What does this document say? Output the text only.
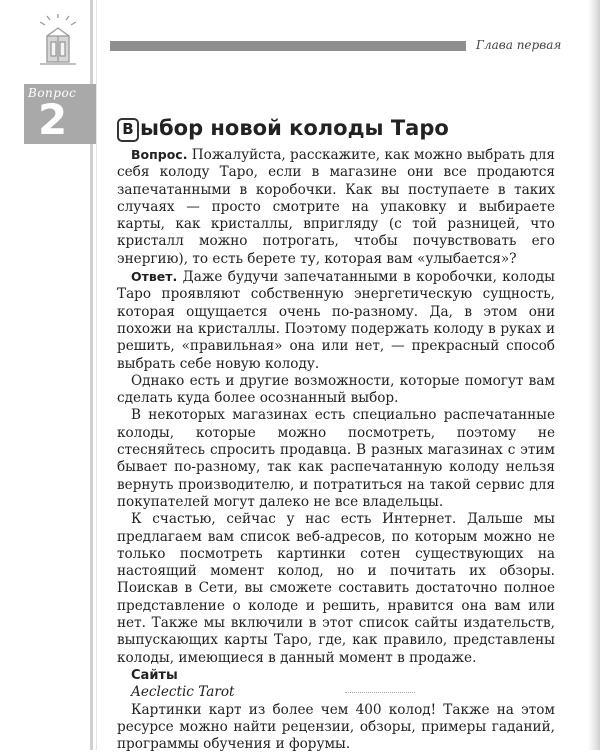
Глава первая
Вопрос
2	В ыбор новой колоды Таро

Вопрос. Пожалуйста, расскажите, как можно выбрать для себя колоду Таро, если в магазине они все продаются запечатанными в коробочки. Как вы поступаете в таких случаях — просто смотрите на упаковку и выбираете карты, как кристаллы, впригляду (с той разницей, что кристалл можно потрогать, чтобы почувствовать его энергию), то есть берете ту, которая вам «улыбается»?

Ответ. Даже будучи запечатанными в коробочки, колоды Таро проявляют собственную энергетическую сущность, которая ощущается очень по-разному. Да, в этом они похожи на кристаллы. Поэтому подержать колоду в руках и решить, «правильная» она или нет, — прекрасный способ выбрать себе новую колоду.

Однако есть и другие возможности, которые помогут вам сделать куда более осознанный выбор.

В некоторых магазинах есть специально распечатанные колоды, которые можно посмотреть, поэтому не стесняйтесь спросить продавца. В разных магазинах с этим бывает по-разному, так как распечатанную колоду нельзя вернуть производителю, и потратиться на такой сервис для покупателей могут далеко не все владельцы.

К счастью, сейчас у нас есть Интернет. Дальше мы предлагаем вам список веб-адресов, по которым можно не только посмотреть картинки сотен существующих на настоящий момент колод, но и почитать их обзоры. Поискав в Сети, вы сможете составить достаточно полное представление о колоде и решить, нравится она вам или нет. Также мы включили в этот список сайты издательств, выпускающих карты Таро, где, как правило, представлены колоды, имеющиеся в данный момент в продаже.

Сайты
Aeclectic Tarot

Картинки карт из более чем 400 колод! Также на этом ресурсе можно найти рецензии, обзоры, примеры гаданий, программы обучения и форумы.
